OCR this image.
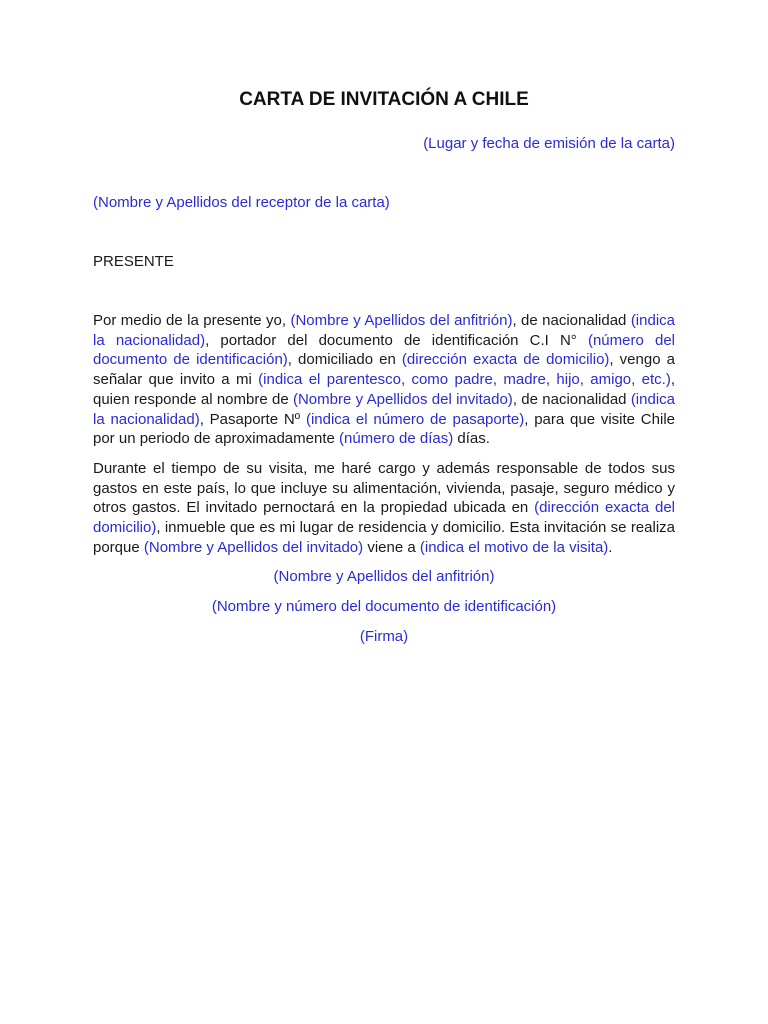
CARTA DE INVITACIÓN A CHILE
(Lugar y fecha de emisión de la carta)
(Nombre y Apellidos del receptor de la carta)
PRESENTE

Por medio de la presente yo, (Nombre y Apellidos del anfitrión), de nacionalidad (indica la nacionalidad), portador del documento de identificación C.I N° (número del documento de identificación), domiciliado en (dirección exacta de domicilio), vengo a señalar que invito a mi (indica el parentesco, como padre, madre, hijo, amigo, etc.), quien responde al nombre de (Nombre y Apellidos del invitado), de nacionalidad (indica la nacionalidad), Pasaporte Nº (indica el número de pasaporte), para que visite Chile por un periodo de aproximadamente (número de días) días.

Durante el tiempo de su visita, me haré cargo y además responsable de todos sus gastos en este país, lo que incluye su alimentación, vivienda, pasaje, seguro médico y otros gastos. El invitado pernoctará en la propiedad ubicada en (dirección exacta del domicilio), inmueble que es mi lugar de residencia y domicilio. Esta invitación se realiza porque (Nombre y Apellidos del invitado) viene a (indica el motivo de la visita).

(Nombre y Apellidos del anfitrión)
(Nombre y número del documento de identificación)
(Firma)
